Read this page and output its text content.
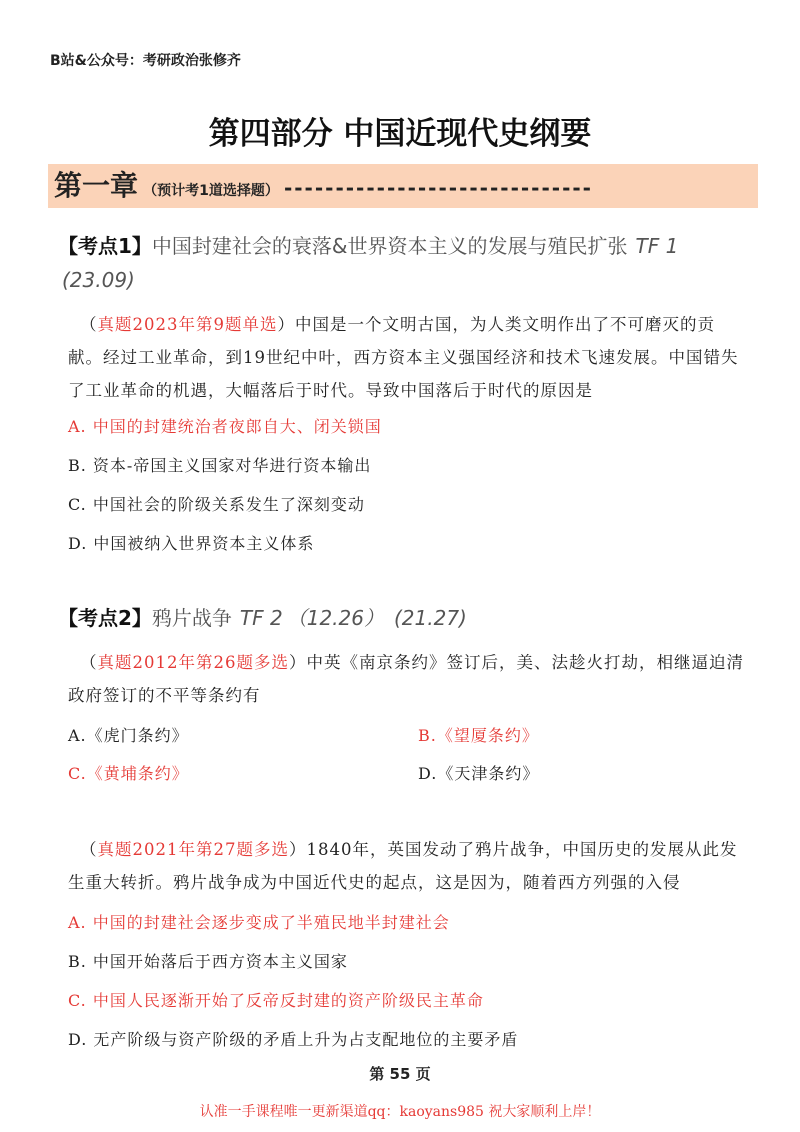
B站&公众号：考研政治张修齐
第四部分 中国近现代史纲要
第一章 （预计考1道选择题） ------------------------------
【考点1】中国封建社会的衰落&世界资本主义的发展与殖民扩张 TF 1
(23.09)
（真题2023年第9题单选）中国是一个文明古国，为人类文明作出了不可磨灭的贡献。经过工业革命，到19世纪中叶，西方资本主义强国经济和技术飞速发展。中国错失了工业革命的机遇，大幅落后于时代。导致中国落后于时代的原因是
A. 中国的封建统治者夜郎自大、闭关锁国
B. 资本-帝国主义国家对华进行资本输出
C. 中国社会的阶级关系发生了深刻变动
D. 中国被纳入世界资本主义体系
【考点2】鸦片战争 TF 2 （12.26）　(21.27)
（真题2012年第26题多选）中英《南京条约》签订后，美、法趁火打劫，相继逼迫清政府签订的不平等条约有
A.《虎门条约》	B.《望厦条约》
C.《黄埔条约》	D.《天津条约》
（真题2021年第27题多选）1840年，英国发动了鸦片战争，中国历史的发展从此发生重大转折。鸦片战争成为中国近代史的起点，这是因为，随着西方列强的入侵
A. 中国的封建社会逐步变成了半殖民地半封建社会
B. 中国开始落后于西方资本主义国家
C. 中国人民逐渐开始了反帝反封建的资产阶级民主革命
D. 无产阶级与资产阶级的矛盾上升为占支配地位的主要矛盾
第 55 页
认准一手课程唯一更新渠道qq：kaoyans985 祝大家顺利上岸！
